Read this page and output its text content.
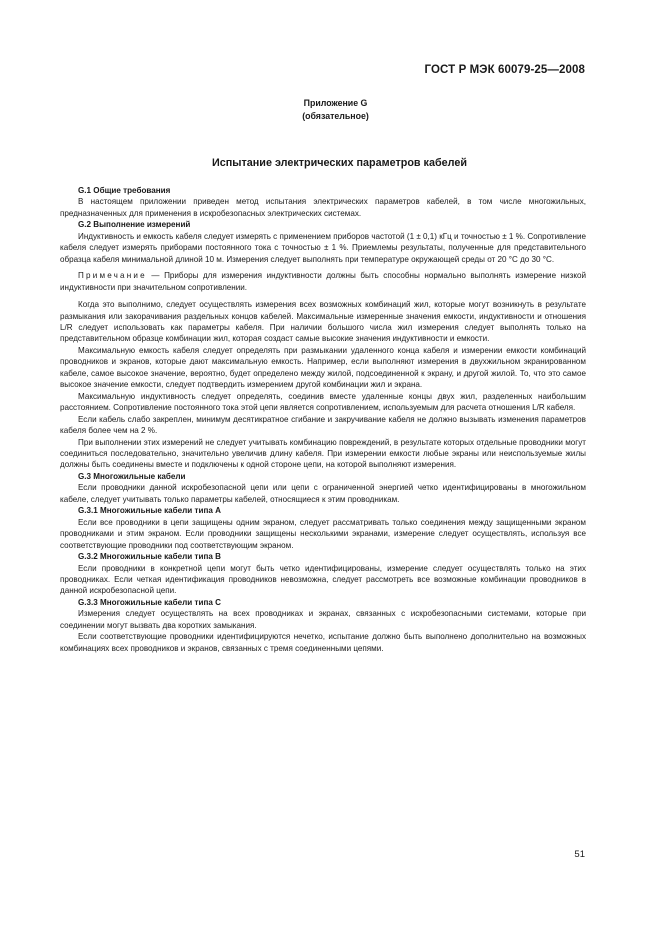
ГОСТ Р МЭК 60079-25—2008
Приложение G
(обязательное)
Испытание электрических параметров кабелей

G.1 Общие требования

В настоящем приложении приведен метод испытания электрических параметров кабелей, в том числе многожильных, предназначенных для применения в искробезопасных электрических системах.

G.2 Выполнение измерений

Индуктивность и емкость кабеля следует измерять с применением приборов частотой (1 ± 0,1) кГц и точностью ± 1 %. Сопротивление кабеля следует измерять приборами постоянного тока с точностью ± 1 %. Приемлемы результаты, полученные для представительного образца кабеля минимальной длиной 10 м. Измерения следует выполнять при температуре окружающей среды от 20 °С до 30 °С.

Примечание — Приборы для измерения индуктивности должны быть способны нормально выполнять измерение низкой индуктивности при значительном сопротивлении.

Когда это выполнимо, следует осуществлять измерения всех возможных комбинаций жил, которые могут возникнуть в результате размыкания или закорачивания раздельных концов кабелей. Максимальные измеренные значения емкости, индуктивности и отношения L/R следует использовать как параметры кабеля. При наличии большого числа жил измерения следует выполнять только на представительном образце комбинации жил, которая создаст самые высокие значения индуктивности и емкости.

Максимальную емкость кабеля следует определять при размыкании удаленного конца кабеля и измерении емкости комбинаций проводников и экранов, которые дают максимальную емкость. Например, если выполняют измерения в двухжильном экранированном кабеле, самое высокое значение, вероятно, будет определено между жилой, подсоединенной к экрану, и другой жилой. То, что это самое высокое значение емкости, следует подтвердить измерением другой комбинации жил и экрана.

Максимальную индуктивность следует определять, соединив вместе удаленные концы двух жил, разделенных наибольшим расстоянием. Сопротивление постоянного тока этой цепи является сопротивлением, используемым для расчета отношения L/R кабеля.

Если кабель слабо закреплен, минимум десятикратное сгибание и закручивание кабеля не должно вызывать изменения параметров кабеля более чем на 2 %.

При выполнении этих измерений не следует учитывать комбинацию повреждений, в результате которых отдельные проводники могут соединиться последовательно, значительно увеличив длину кабеля. При измерении емкости любые экраны или неиспользуемые жилы должны быть соединены вместе и подключены к одной стороне цепи, на которой выполняют измерения.

G.3 Многожильные кабели

Если проводники данной искробезопасной цепи или цепи с ограниченной энергией четко идентифицированы в многожильном кабеле, следует учитывать только параметры кабелей, относящиеся к этим проводникам.

G.3.1 Многожильные кабели типа А

Если все проводники в цепи защищены одним экраном, следует рассматривать только соединения между защищенными экраном проводниками и этим экраном. Если проводники защищены несколькими экранами, измерение следует осуществлять, используя все соответствующие проводники под соответствующим экраном.

G.3.2 Многожильные кабели типа В

Если проводники в конкретной цепи могут быть четко идентифицированы, измерение следует осуществлять только на этих проводниках. Если четкая идентификация проводников невозможна, следует рассмотреть все возможные комбинации проводников в данной искробезопасной цепи.

G.3.3 Многожильные кабели типа С

Измерения следует осуществлять на всех проводниках и экранах, связанных с искробезопасными системами, которые при соединении могут вызвать два коротких замыкания.

Если соответствующие проводники идентифицируются нечетко, испытание должно быть выполнено дополнительно на возможных комбинациях всех проводников и экранов, связанных с тремя соединенными цепями.

51
